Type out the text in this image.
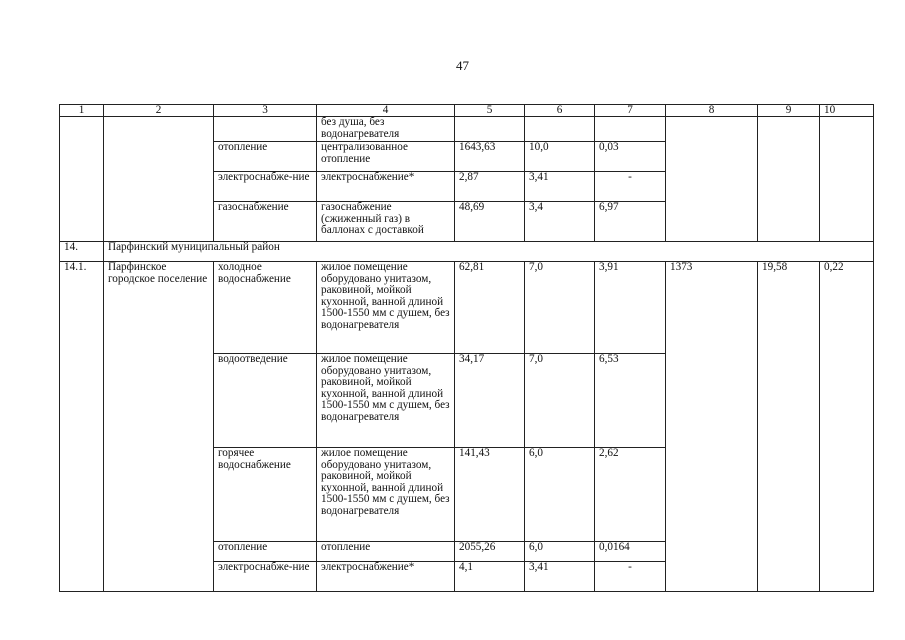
47
1	2	3	4	5	6	7	8	9	10
			без душа, без водонагревателя						
		отопление	централизованное отопление	1643,63	10,0	0,03			
		электроснабже-ние	электроснабжение*	2,87	3,41	-			
		газоснабжение	газоснабжение (сжиженный газ) в баллонах с доставкой	48,69	3,4	6,97			
14.	Парфинский муниципальный район								
14.1.	Парфинское городское поселение	холодное водоснабжение	жилое помещение оборудовано унитазом, раковиной, мойкой кухонной, ванной длиной 1500-1550 мм с душем, без водонагревателя	62,81	7,0	3,91	1373	19,58	0,22
		водоотведение	жилое помещение оборудовано унитазом, раковиной, мойкой кухонной, ванной длиной 1500-1550 мм с душем, без водонагревателя	34,17	7,0	6,53			
		горячее водоснабжение	жилое помещение оборудовано унитазом, раковиной, мойкой кухонной, ванной длиной 1500-1550 мм с душем, без водонагревателя	141,43	6,0	2,62			
		отопление	отопление	2055,26	6,0	0,0164			
		электроснабже-ние	электроснабжение*	4,1	3,41	-			
